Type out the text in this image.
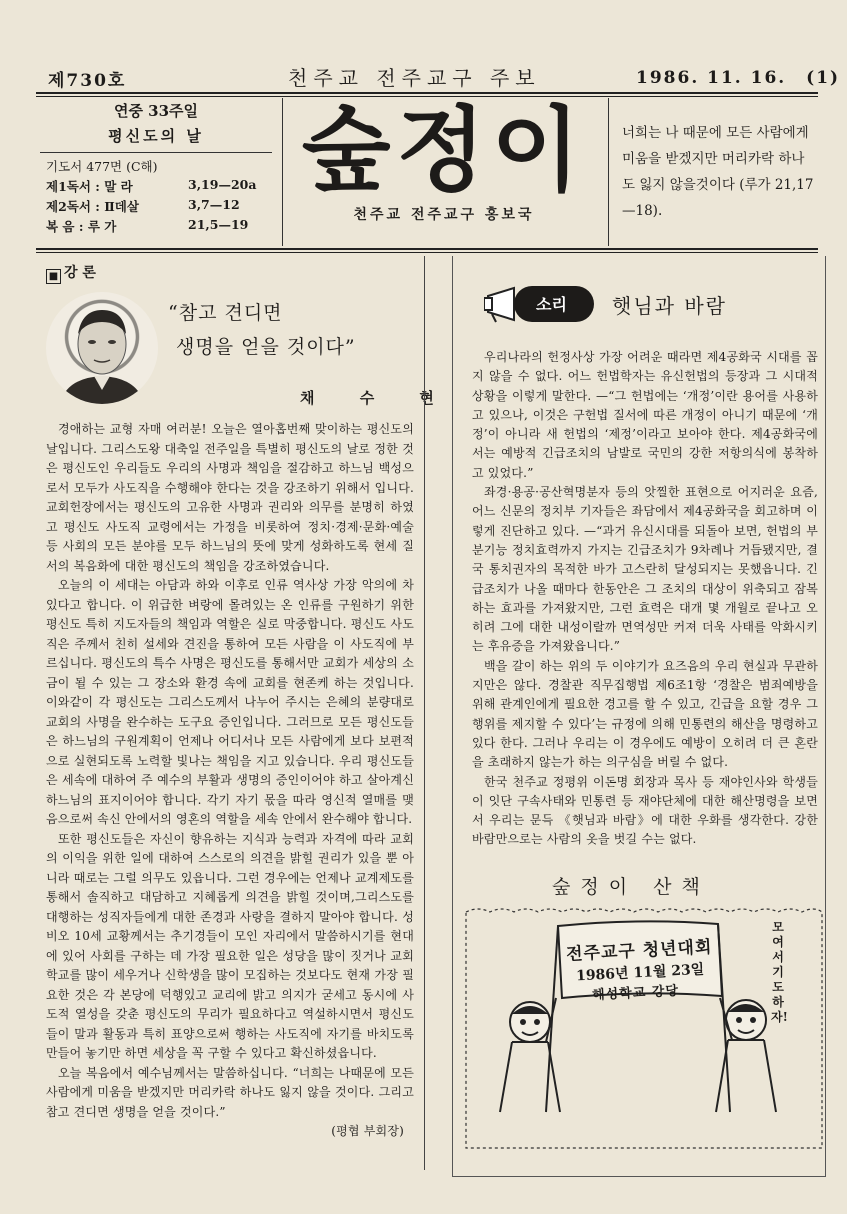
제730호	천주교 전주교구 주보	1986. 11. 16. (1)
연중 33주일
평신도의 날
기도서 477면 (C해)
제1독서 : 말 라	3,19—20a
제2독서 : Ⅱ데살	3,7—12
복 음 : 루 가	21,5—19
숲정이
천주교 전주교구 홍보국
너희는 나 때문에 모든 사람에게 미움을 받겠지만 머리카락 하나도 잃지 않을것이다 (루가 21,17—18).
■ 강 론
“참고 견디면
생명을 얻을 것이다”
채 수 현

경애하는 교형 자매 여러분! 오늘은 열아홉번째 맞이하는 평신도의 날입니다. 그리스도왕 대축일 전주일을 특별히 평신도의 날로 정한 것은 평신도인 우리들도 우리의 사명과 책임을 절감하고 하느님 백성으로서 모두가 사도직을 수행해야 한다는 것을 강조하기 위해서 입니다. 교회헌장에서는 평신도의 고유한 사명과 권리와 의무를 분명히 하였고 평신도 사도직 교령에서는 가정을 비롯하여 정치·경제·문화·예술 등 사회의 모든 분야를 모두 하느님의 뜻에 맞게 성화하도록 현세 질서의 복음화에 대한 평신도의 책임을 강조하였습니다.

오늘의 이 세대는 아담과 하와 이후로 인류 역사상 가장 악의에 차 있다고 합니다. 이 위급한 벼랑에 몰려있는 온 인류를 구원하기 위한 평신도 특히 지도자들의 책임과 역할은 실로 막중합니다. 평신도 사도직은 주께서 친히 설세와 견진을 통하여 모든 사람을 이 사도직에 부르십니다. 평신도의 특수 사명은 평신도를 통해서만 교회가 세상의 소금이 될 수 있는 그 장소와 환경 속에 교회를 현존케 하는 것입니다. 이와같이 각 평신도는 그리스도께서 나누어 주시는 은혜의 분량대로 교회의 사명을 완수하는 도구요 증인입니다. 그러므로 모든 평신도들은 하느님의 구원계획이 언제나 어디서나 모든 사람에게 보다 보편적으로 실현되도록 노력할 빛나는 책임을 지고 있습니다. 우리 평신도들은 세속에 대하여 주 예수의 부활과 생명의 증인이어야 하고 살아계신 하느님의 표지이어야 합니다. 각기 자기 몫을 따라 영신적 열매를 맺음으로써 속신 안에서의 영혼의 역할을 세속 안에서 완수해야 합니다.

또한 평신도들은 자신이 향유하는 지식과 능력과 자격에 따라 교회의 이익을 위한 일에 대하여 스스로의 의견을 밝힐 권리가 있을 뿐 아니라 때로는 그럴 의무도 있읍니다. 그런 경우에는 언제나 교계제도를 통해서 솔직하고 대담하고 지혜롭게 의견을 밝힐 것이며,그리스도를 대행하는 성직자들에게 대한 존경과 사랑을 결하지 말아야 합니다. 성비오 10세 교황께서는 추기경들이 모인 자리에서 말씀하시기를 현대에 있어 사회를 구하는 데 가장 필요한 일은 성당을 많이 짓거나 교회학교를 많이 세우거나 신학생을 많이 모집하는 것보다도 현재 가장 필요한 것은 각 본당에 덕행있고 교리에 밝고 의지가 굳세고 동시에 사도적 열성을 갖춘 평신도의 무리가 필요하다고 역설하시면서 평신도들이 말과 활동과 특히 표양으로써 행하는 사도직에 자기를 바치도록 만들어 놓기만 하면 세상을 꼭 구할 수 있다고 확신하셨읍니다.

오늘 복음에서 예수님께서는 말씀하십니다. “너희는 나때문에 모든 사람에게 미움을 받겠지만 머리카락 하나도 잃지 않을 것이다. 그리고 참고 견디면 생명을 얻을 것이다.”

(평협 부회장)
소리 햇님과 바람

우리나라의 헌정사상 가장 어려운 때라면 제4공화국 시대를 꼽지 않을 수 없다. 어느 헌법학자는 유신헌법의 등장과 그 시대적 상황을 이렇게 말한다. —“그 헌법에는 ‘개정’이란 용어를 사용하고 있으나, 이것은 구헌법 질서에 따른 개정이 아니기 때문에 ‘개정’이 아니라 새 헌법의 ‘제정’이라고 보아야 한다. 제4공화국에서는 예방적 긴급조치의 남발로 국민의 강한 저항의식에 봉착하고 있었다.”

좌경·용공·공산혁명분자 등의 앗찔한 표현으로 어지러운 요즘, 어느 신문의 정치부 기자들은 좌담에서 제4공화국을 회고하며 이렇게 진단하고 있다. —“과거 유신시대를 되돌아 보면, 헌법의 부분기능 정치효력까지 가지는 긴급조치가 9차례나 거듭됐지만, 결국 통치권자의 목적한 바가 고스란히 달성되지는 못했읍니다. 긴급조치가 나올 때마다 한동안은 그 조치의 대상이 위축되고 잠복하는 효과를 가져왔지만, 그런 효력은 대개 몇 개월로 끝나고 오히려 그에 대한 내성이랄까 면역성만 커져 더욱 사태를 악화시키는 후유증을 가져왔읍니다.”

백을 갈이 하는 위의 두 이야기가 요즈음의 우리 현실과 무관하지만은 않다. 경찰관 직무집행법 제6조1항 ‘경찰은 범죄예방을 위해 관계인에게 필요한 경고를 할 수 있고, 긴급을 요할 경우 그 행위를 제지할 수 있다’는 규정에 의해 민통련의 해산을 명령하고 있다 한다. 그러나 우리는 이 경우에도 예방이 오히려 더 큰 혼란을 초래하지 않는가 하는 의구심을 버릴 수 없다.

한국 천주교 정평위 이돈명 회장과 목사 등 재야인사와 학생들이 잇단 구속사태와 민통련 등 재야단체에 대한 해산명령을 보면서 우리는 문득 《햇님과 바람》에 대한 우화를 생각한다. 강한 바람만으로는 사람의 옷을 벗길 수는 없다.

숲정이 산책
전주교구 청년대회
1986년 11월 23일
해성학교 강당
모여서 기도하자!
